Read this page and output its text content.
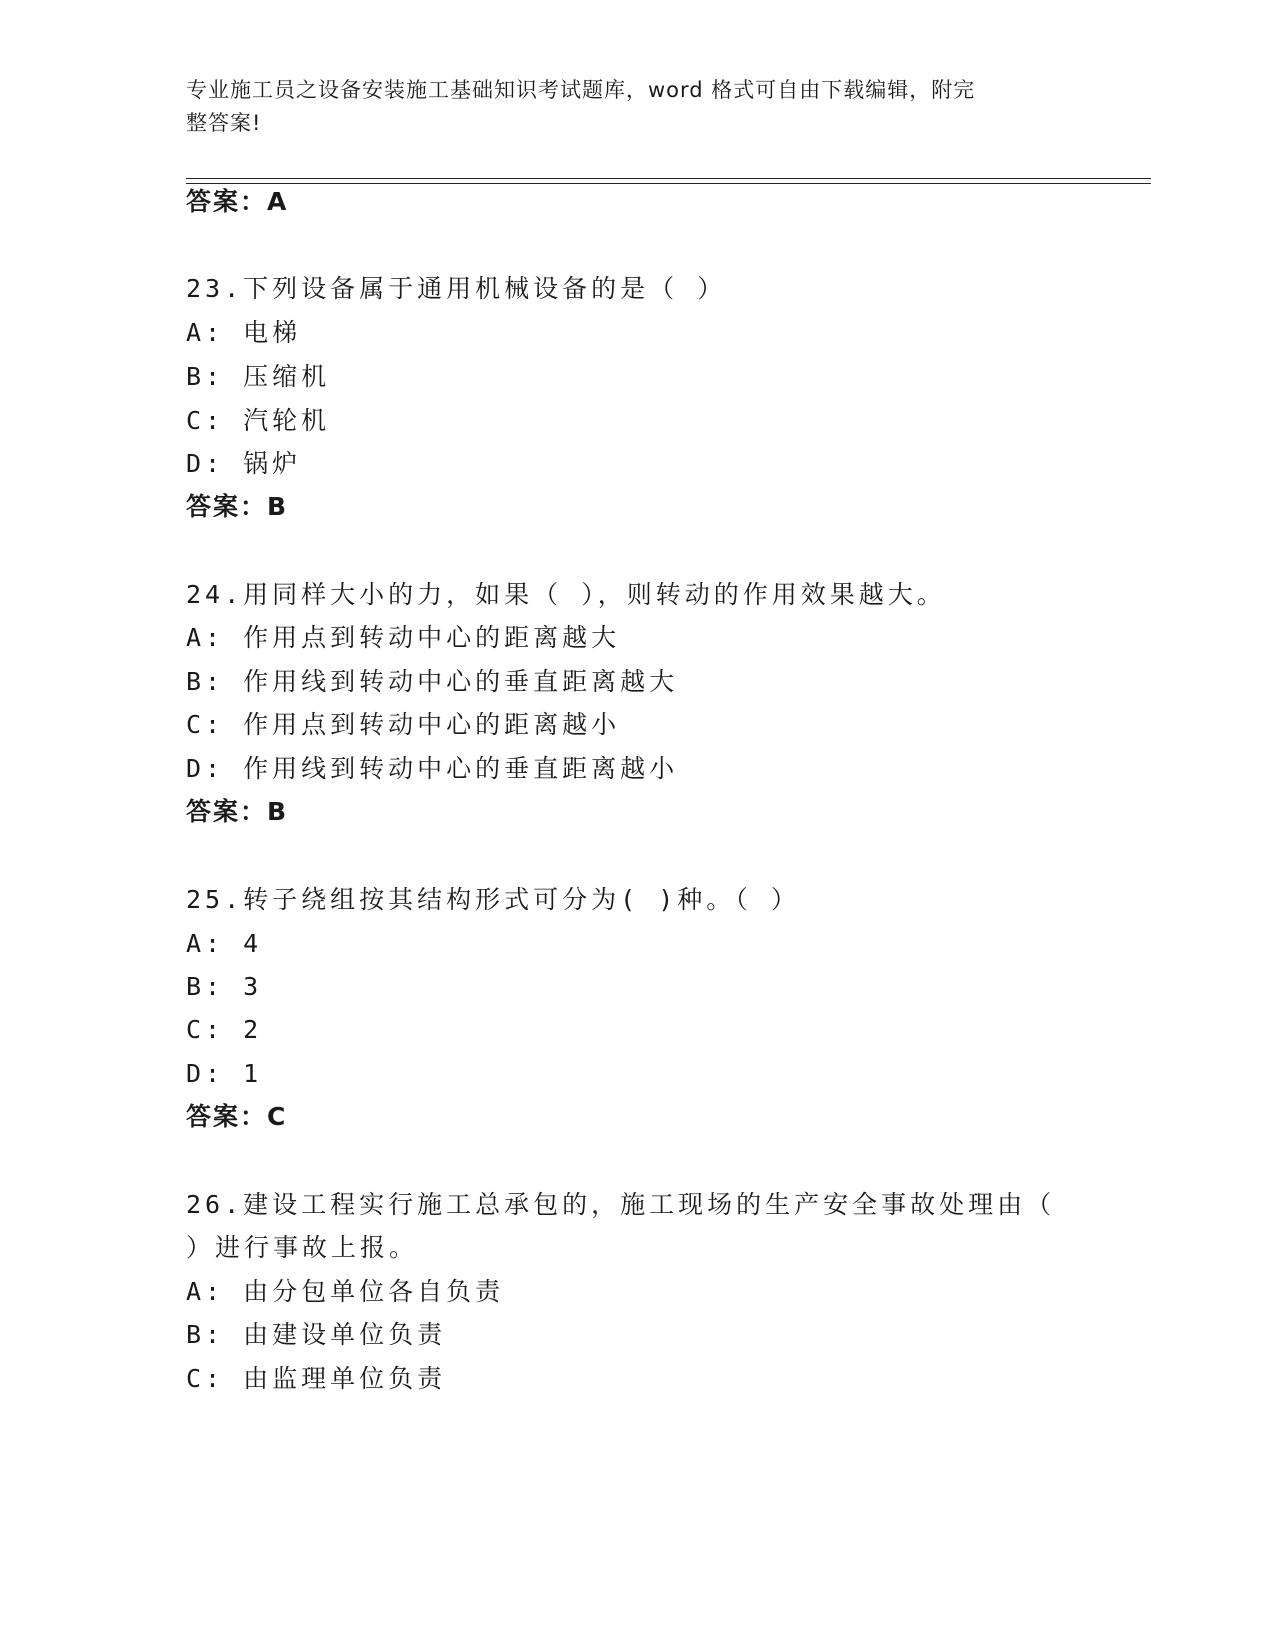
专业施工员之设备安装施工基础知识考试题库，word 格式可自由下载编辑，附完
整答案!
答案：A
23.下列设备属于通用机械设备的是（ ）
A: 电梯
B: 压缩机
C: 汽轮机
D: 锅炉
答案：B
24.用同样大小的力，如果（ ），则转动的作用效果越大。
A: 作用点到转动中心的距离越大
B: 作用线到转动中心的垂直距离越大
C: 作用点到转动中心的距离越小
D: 作用线到转动中心的垂直距离越小
答案：B
25.转子绕组按其结构形式可分为( )种。（ ）
A: 4
B: 3
C: 2
D: 1
答案：C
26.建设工程实行施工总承包的，施工现场的生产安全事故处理由（
）进行事故上报。
A: 由分包单位各自负责
B: 由建设单位负责
C: 由监理单位负责
